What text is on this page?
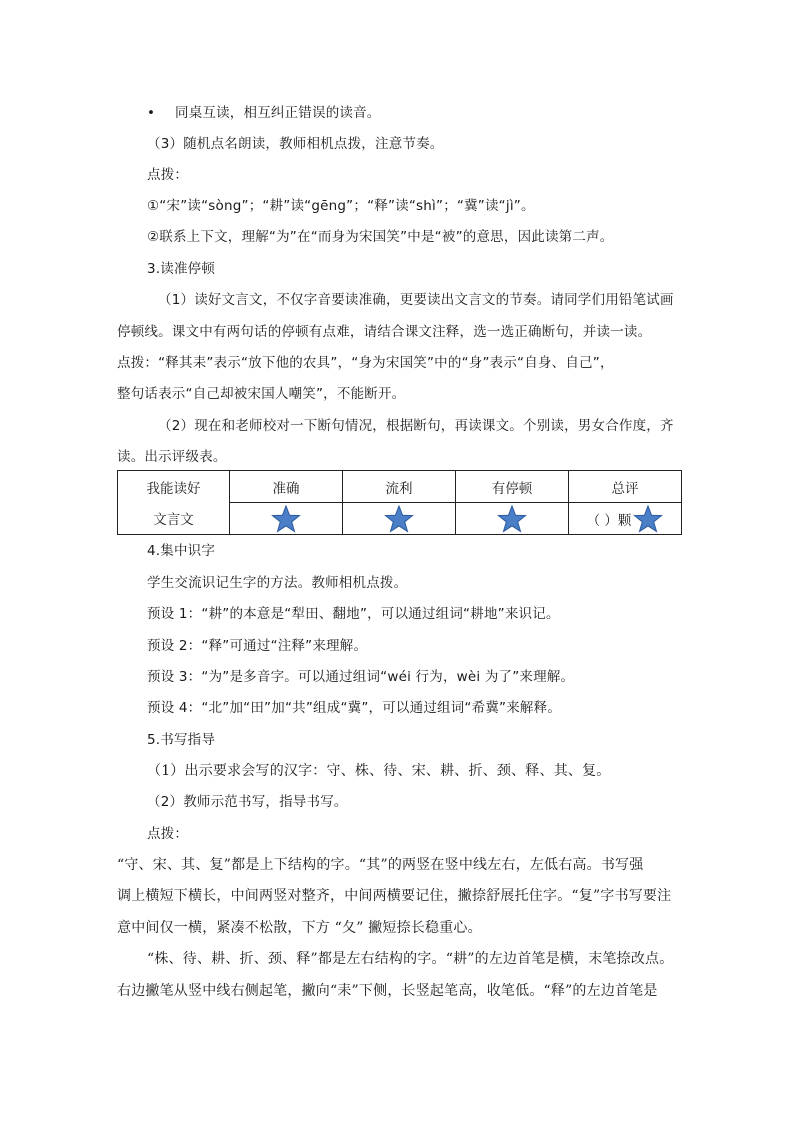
• 同桌互读，相互纠正错误的读音。
（3）随机点名朗读，教师相机点拨，注意节奏。
点拨：
①“宋”读“sòng”；“耕”读“gēng”；“释”读“shì”；“冀”读“jì”。
②联系上下文，理解“为”在“而身为宋国笑”中是“被”的意思，因此读第二声。
3.读准停顿
（1）读好文言文，不仅字音要读准确，更要读出文言文的节奏。请同学们用铅笔试画
停顿线。课文中有两句话的停顿有点难，请结合课文注释，选一选正确断句，并读一读。
点拨：“释其耒”表示“放下他的农具”，“身为宋国笑”中的“身”表示“自身、自己”，
整句话表示“自己却被宋国人嘲笑”，不能断开。
（2）现在和老师校对一下断句情况，根据断句，再读课文。个别读，男女合作度，齐
读。出示评级表。
我能读好	准确	流利	有停顿	总评
文言文				（ ）颗
4.集中识字
学生交流识记生字的方法。教师相机点拨。
预设 1：“耕”的本意是“犁田、翻地”，可以通过组词“耕地”来识记。
预设 2：“释”可通过“注释”来理解。
预设 3：“为”是多音字。可以通过组词“wéi 行为，wèi 为了”来理解。
预设 4：“北”加“田”加“共”组成“冀”，可以通过组词“希冀”来解释。
5.书写指导
（1）出示要求会写的汉字：守、株、待、宋、耕、折、颈、释、其、复。
（2）教师示范书写，指导书写。
点拨：
“守、宋、其、复”都是上下结构的字。“其”的两竖在竖中线左右，左低右高。书写强
调上横短下横长，中间两竖对整齐，中间两横要记住，撇捺舒展托住字。“复”字书写要注
意中间仅一横，紧凑不松散，下方 “夂” 撇短捺长稳重心。
“株、待、耕、折、颈、释”都是左右结构的字。“耕”的左边首笔是横，末笔捺改点。
右边撇笔从竖中线右侧起笔，撇向“耒”下侧，长竖起笔高，收笔低。“释”的左边首笔是
